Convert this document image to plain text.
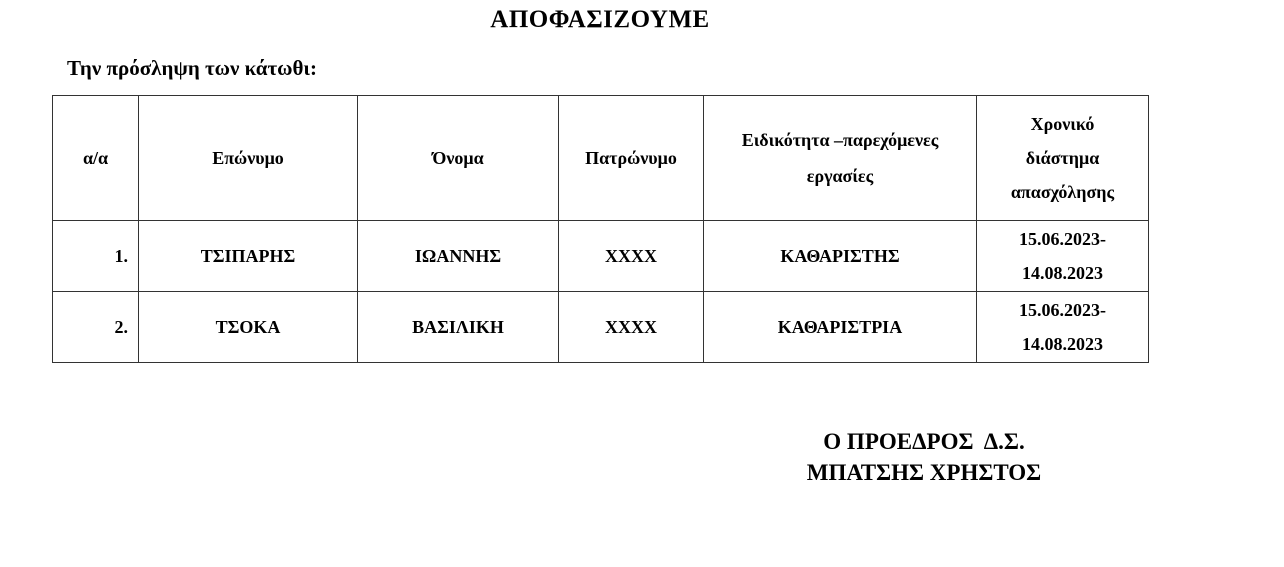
ΑΠΟΦΑΣΙΖΟΥΜΕ
Την πρόσληψη των κάτωθι:
α/α	Επώνυμο	Όνομα	Πατρώνυμο	Ειδικότητα –παρεχόμενες εργασίες	Χρονικό
διάστημα
απασχόλησης

1.	ΤΣΙΠΑΡΗΣ	ΙΩΑΝΝΗΣ	ΧΧΧΧ	ΚΑΘΑΡΙΣΤΗΣ	15.06.2023-
14.08.2023

2.	ΤΣΟΚΑ	ΒΑΣΙΛΙΚΗ	ΧΧΧΧ	ΚΑΘΑΡΙΣΤΡΙΑ	15.06.2023-
14.08.2023
Ο ΠΡΟΕΔΡΟΣ  Δ.Σ.
ΜΠΑΤΣΗΣ ΧΡΗΣΤΟΣ
